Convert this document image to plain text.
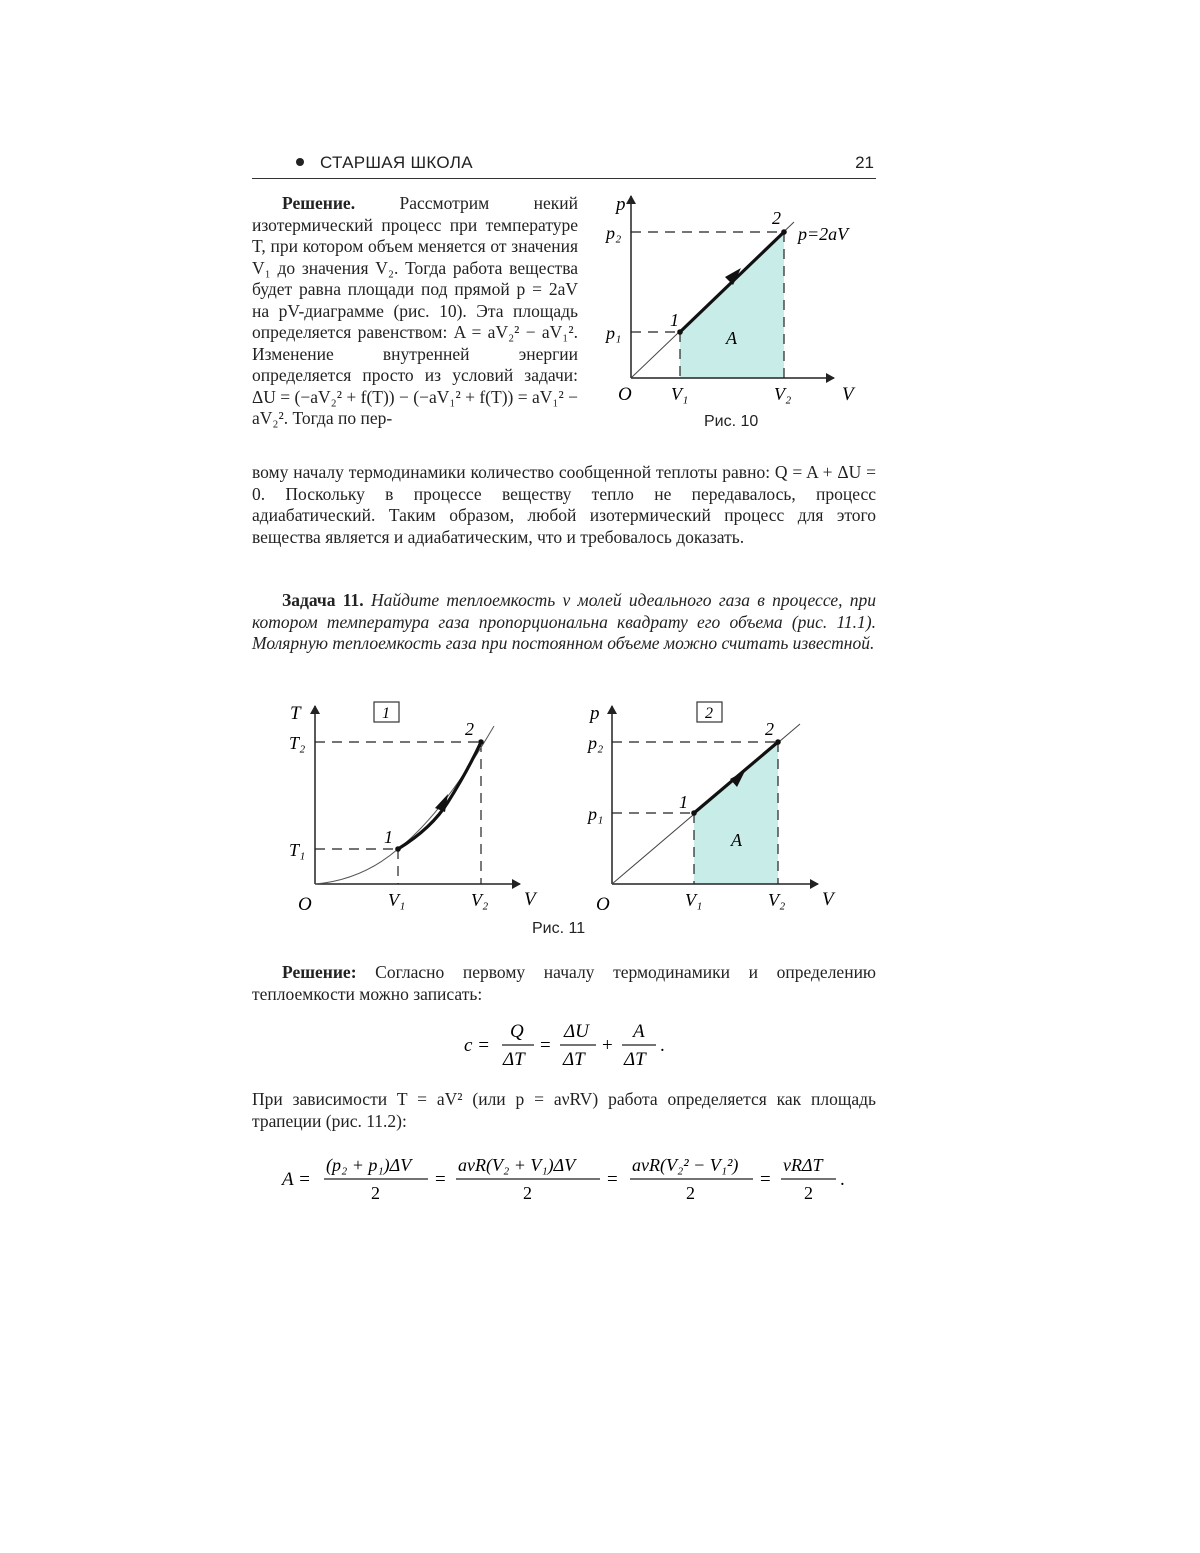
СТАРШАЯ ШКОЛА	21

Решение.	Рассмотрим некий изотермический процесс при температуре T, при котором объем меняется от значения V₁ до значения V₂. Тогда работа вещества будет равна площади под прямой p = 2aV на pV-диаграмме (рис. 10). Эта площадь определяется равенством: A = aV₂² − aV₁². Изменение внутренней энергии определяется просто из условий задачи: ΔU = (−aV₂² + f(T)) − (−aV₁² + f(T)) = aV₁² − aV₂². Тогда по пер-

вому началу термодинамики количество сообщенной теплоты равно: Q = A + ΔU = 0. Поскольку в процессе веществу тепло не передавалось, процесс адиабатический. Таким образом, любой изотермический процесс для этого вещества является и адиабатическим, что и требовалось доказать.

p
V
O
p₂
p₁
V₁	V₂
1
2
A
p=2aV
Рис. 10

Задача 11. Найдите теплоемкость ν молей идеального газа в процессе, при котором температура газа пропорциональна квадрату его объема (рис. 11.1). Молярную теплоемкость газа при постоянном объеме можно считать известной.

1
T
V
O
T₂
T₁
V₁	V₂
1
2
2
p
V
O
p₂
p₁
V₁	V₂
1
2
A
Рис. 11

Решение: Согласно первому началу термодинамики и определению теплоемкости можно записать:

c =
Q
ΔT
=
ΔU
ΔT
+
A
ΔT
.

При зависимости T = aV² (или p = aνRV) работа определяется как площадь трапеции (рис. 11.2):

A =
(p₂ + p₁)ΔV
2
=
aνR(V₂ + V₁)ΔV
2
=
aνR(V₂² − V₁²)
2
=
νRΔT
2
.
